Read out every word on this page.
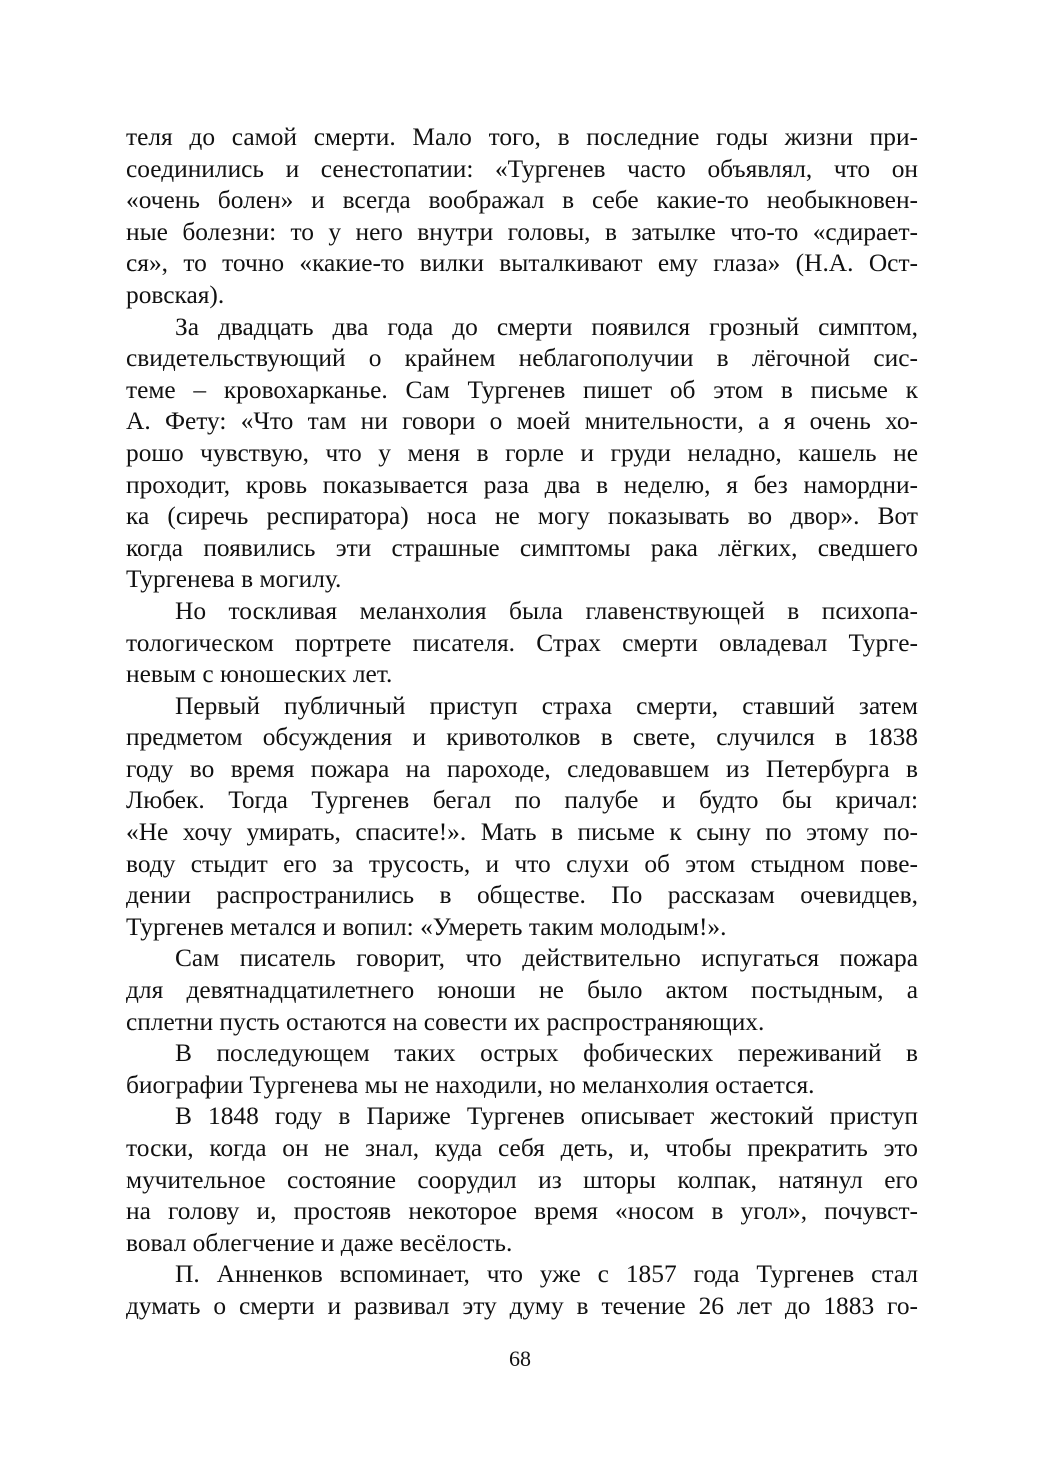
теля до самой смерти. Мало того, в последние годы жизни при-
соединились и сенестопатии: «Тургенев часто объявлял, что он
«очень болен» и всегда воображал в себе какие-то необыкновен-
ные болезни: то у него внутри головы, в затылке что-то «сдирает-
ся», то точно «какие-то вилки выталкивают ему глаза» (Н.А. Ост-
ровская).
За двадцать два года до смерти появился грозный симптом,
свидетельствующий о крайнем неблагополучии в лёгочной сис-
теме – кровохарканье. Сам Тургенев пишет об этом в письме к
А. Фету: «Что там ни говори о моей мнительности, а я очень хо-
рошо чувствую, что у меня в горле и груди неладно, кашель не
проходит, кровь показывается раза два в неделю, я без намордни-
ка (сиречь респиратора) носа не могу показывать во двор». Вот
когда появились эти страшные симптомы рака лёгких, сведшего
Тургенева в могилу.
Но тоскливая меланхолия была главенствующей в психопа-
тологическом портрете писателя. Страх смерти овладевал Турге-
невым с юношеских лет.
Первый публичный приступ страха смерти, ставший затем
предметом обсуждения и кривотолков в свете, случился в 1838
году во время пожара на пароходе, следовавшем из Петербурга в
Любек. Тогда Тургенев бегал по палубе и будто бы кричал:
«Не хочу умирать, спасите!». Мать в письме к сыну по этому по-
воду стыдит его за трусость, и что слухи об этом стыдном пове-
дении распространились в обществе. По рассказам очевидцев,
Тургенев метался и вопил: «Умереть таким молодым!».
Сам писатель говорит, что действительно испугаться пожара
для девятнадцатилетнего юноши не было актом постыдным, а
сплетни пусть остаются на совести их распространяющих.
В последующем таких острых фобических переживаний в
биографии Тургенева мы не находили, но меланхолия остается.
В 1848 году в Париже Тургенев описывает жестокий приступ
тоски, когда он не знал, куда себя деть, и, чтобы прекратить это
мучительное состояние соорудил из шторы колпак, натянул его
на голову и, простояв некоторое время «носом в угол», почувст-
вовал облегчение и даже весёлость.
П. Анненков вспоминает, что уже с 1857 года Тургенев стал
думать о смерти и развивал эту думу в течение 26 лет до 1883 го-
68
